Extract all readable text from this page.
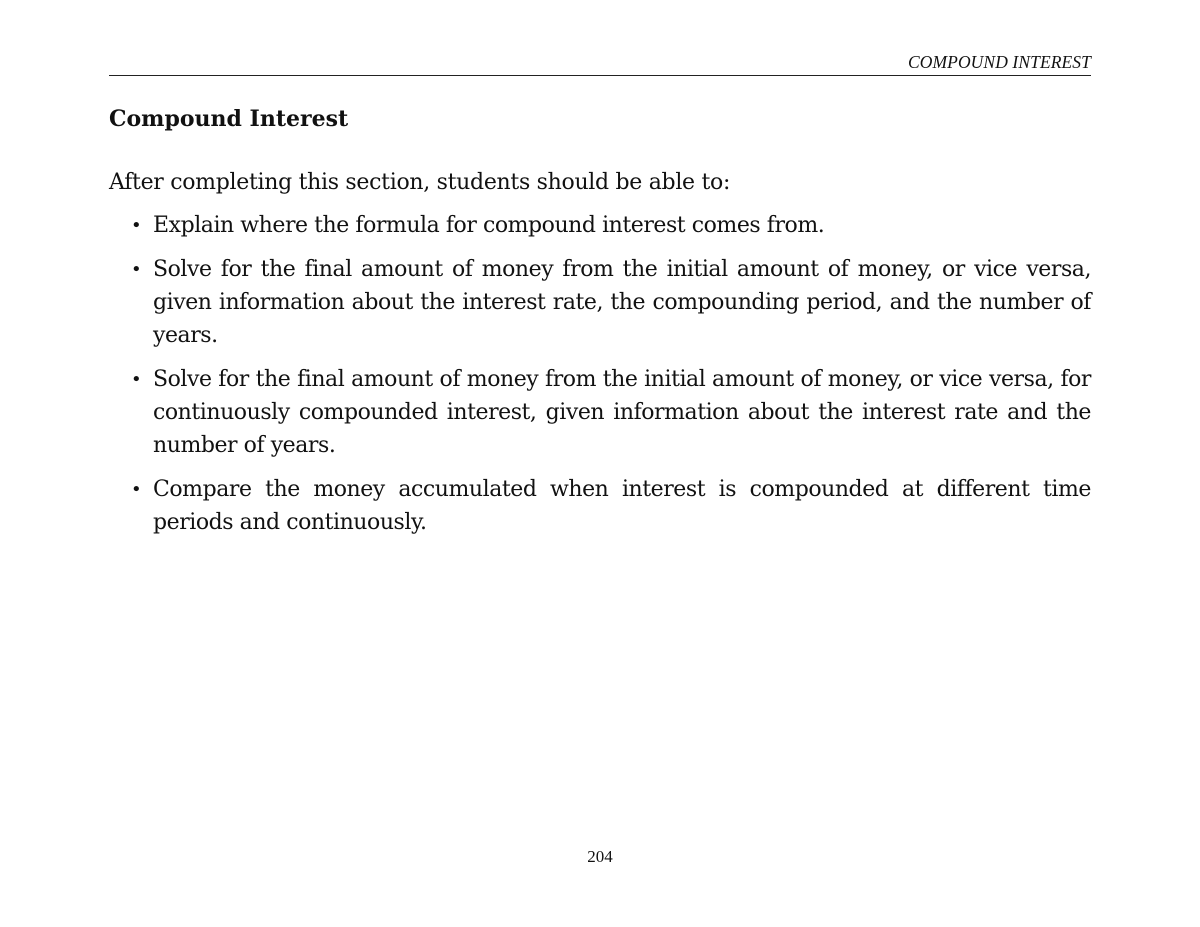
COMPOUND INTEREST
Compound Interest

After completing this section, students should be able to:

• Explain where the formula for compound interest comes from.
• Solve for the final amount of money from the initial amount of money, or vice versa, given information about the interest rate, the compounding period, and the number of years.
• Solve for the final amount of money from the initial amount of money, or vice versa, for continuously compounded interest, given information about the interest rate and the number of years.
• Compare the money accumulated when interest is compounded at different time periods and continuously.
204
